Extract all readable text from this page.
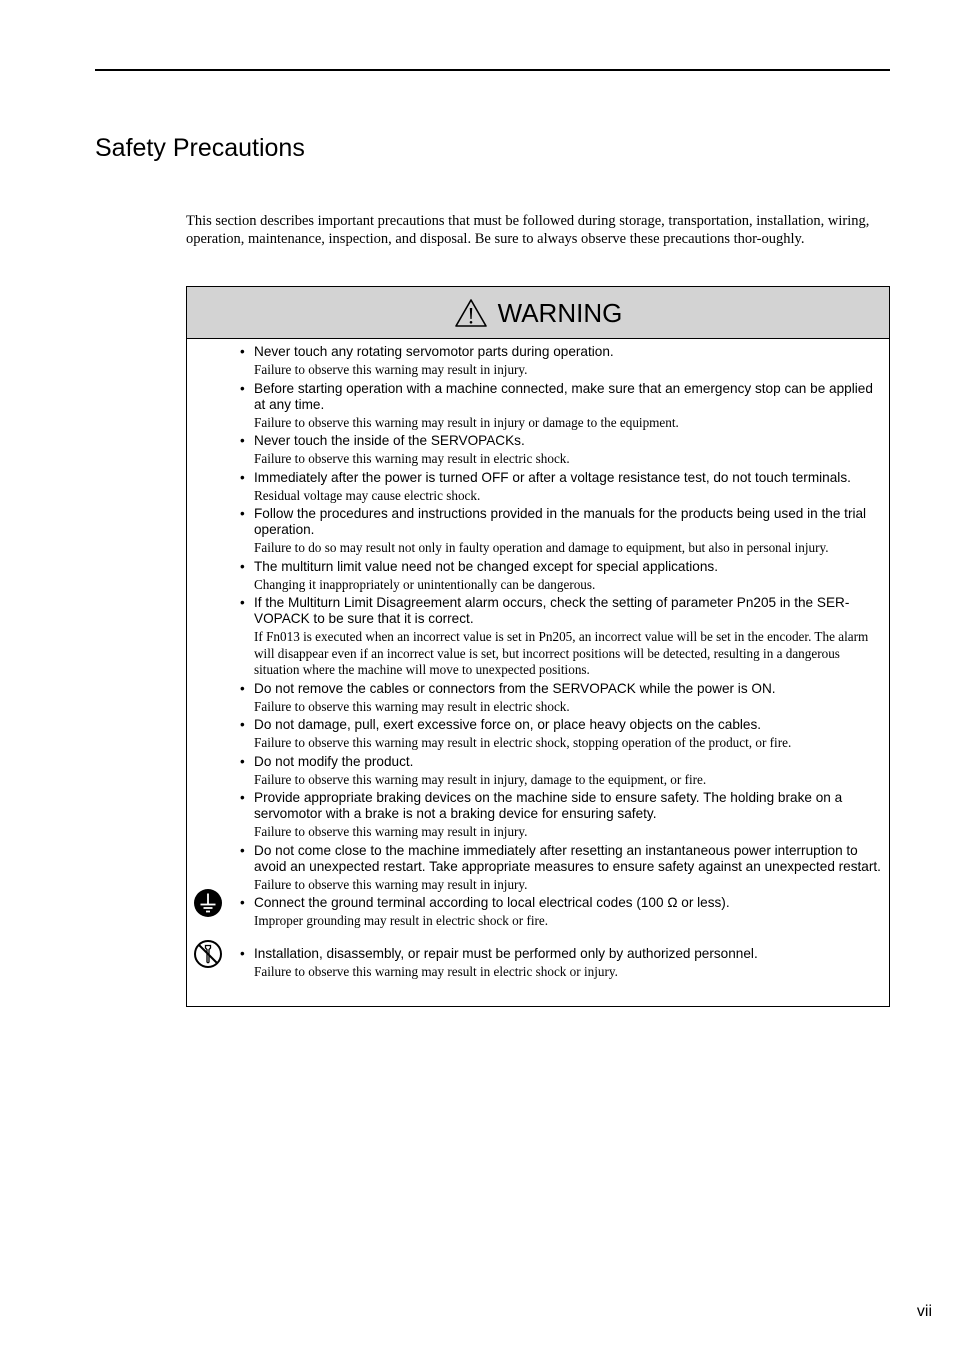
Safety Precautions

This section describes important precautions that must be followed during storage, transportation, installation, wiring, operation, maintenance, inspection, and disposal. Be sure to always observe these precautions thor-oughly.

WARNING
• Never touch any rotating servomotor parts during operation.
Failure to observe this warning may result in injury.
• Before starting operation with a machine connected, make sure that an emergency stop can be applied at any time.
Failure to observe this warning may result in injury or damage to the equipment.
• Never touch the inside of the SERVOPACKs.
Failure to observe this warning may result in electric shock.
• Immediately after the power is turned OFF or after a voltage resistance test, do not touch terminals.
Residual voltage may cause electric shock.
• Follow the procedures and instructions provided in the manuals for the products being used in the trial operation.
Failure to do so may result not only in faulty operation and damage to equipment, but also in personal injury.
• The multiturn limit value need not be changed except for special applications.
Changing it inappropriately or unintentionally can be dangerous.
• If the Multiturn Limit Disagreement alarm occurs, check the setting of parameter Pn205 in the SER-VOPACK to be sure that it is correct.
If Fn013 is executed when an incorrect value is set in Pn205, an incorrect value will be set in the encoder. The alarm will disappear even if an incorrect value is set, but incorrect positions will be detected, resulting in a dangerous situation where the machine will move to unexpected positions.
• Do not remove the cables or connectors from the SERVOPACK while the power is ON.
Failure to observe this warning may result in electric shock.
• Do not damage, pull, exert excessive force on, or place heavy objects on the cables.
Failure to observe this warning may result in electric shock, stopping operation of the product, or fire.
• Do not modify the product.
Failure to observe this warning may result in injury, damage to the equipment, or fire.
• Provide appropriate braking devices on the machine side to ensure safety. The holding brake on a servomotor with a brake is not a braking device for ensuring safety.
Failure to observe this warning may result in injury.
• Do not come close to the machine immediately after resetting an instantaneous power interruption to avoid an unexpected restart. Take appropriate measures to ensure safety against an unexpected restart.
Failure to observe this warning may result in injury.
• Connect the ground terminal according to local electrical codes (100 Ω or less).
Improper grounding may result in electric shock or fire.
• Installation, disassembly, or repair must be performed only by authorized personnel.
Failure to observe this warning may result in electric shock or injury.
vii
